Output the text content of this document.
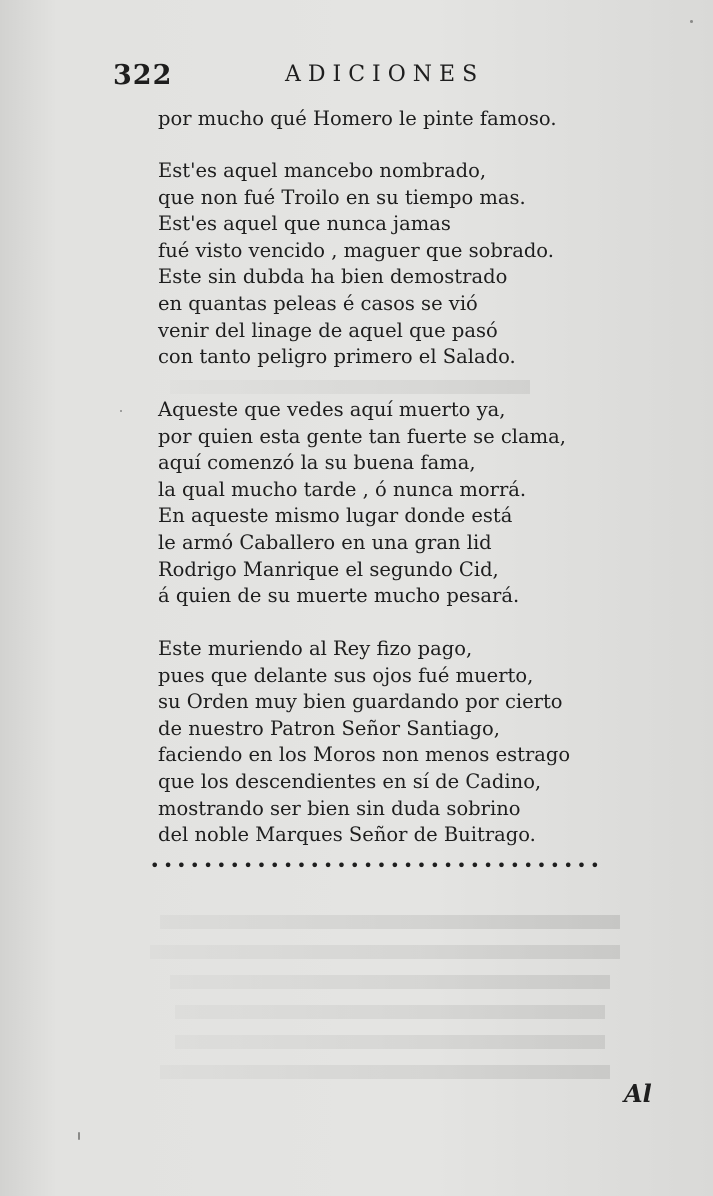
322	ADICIONES
por mucho qué Homero le pinte famoso.
Est'es aquel mancebo nombrado,
que non fué Troilo en su tiempo mas.
Est'es aquel que nunca jamas
fué visto vencido , maguer que sobrado.
Este sin dubda ha bien demostrado
en quantas peleas é casos se vió
venir del linage de aquel que pasó
con tanto peligro primero el Salado.
Aqueste que vedes aquí muerto ya,
por quien esta gente tan fuerte se clama,
aquí comenzó la su buena fama,
la qual mucho tarde , ó nunca morrá.
En aqueste mismo lugar donde está
le armó Caballero en una gran lid
Rodrigo Manrique el segundo Cid,
á quien de su muerte mucho pesará.
Este muriendo al Rey fizo pago,
pues que delante sus ojos fué muerto,
su Orden muy bien guardando por cierto
de nuestro Patron Señor Santiago,
faciendo en los Moros non menos estrago
que los descendientes en sí de Cadino,
mostrando ser bien sin duda sobrino
del noble Marques Señor de Buitrago.
••••••••••••••••••••••••••••••••••
Al
